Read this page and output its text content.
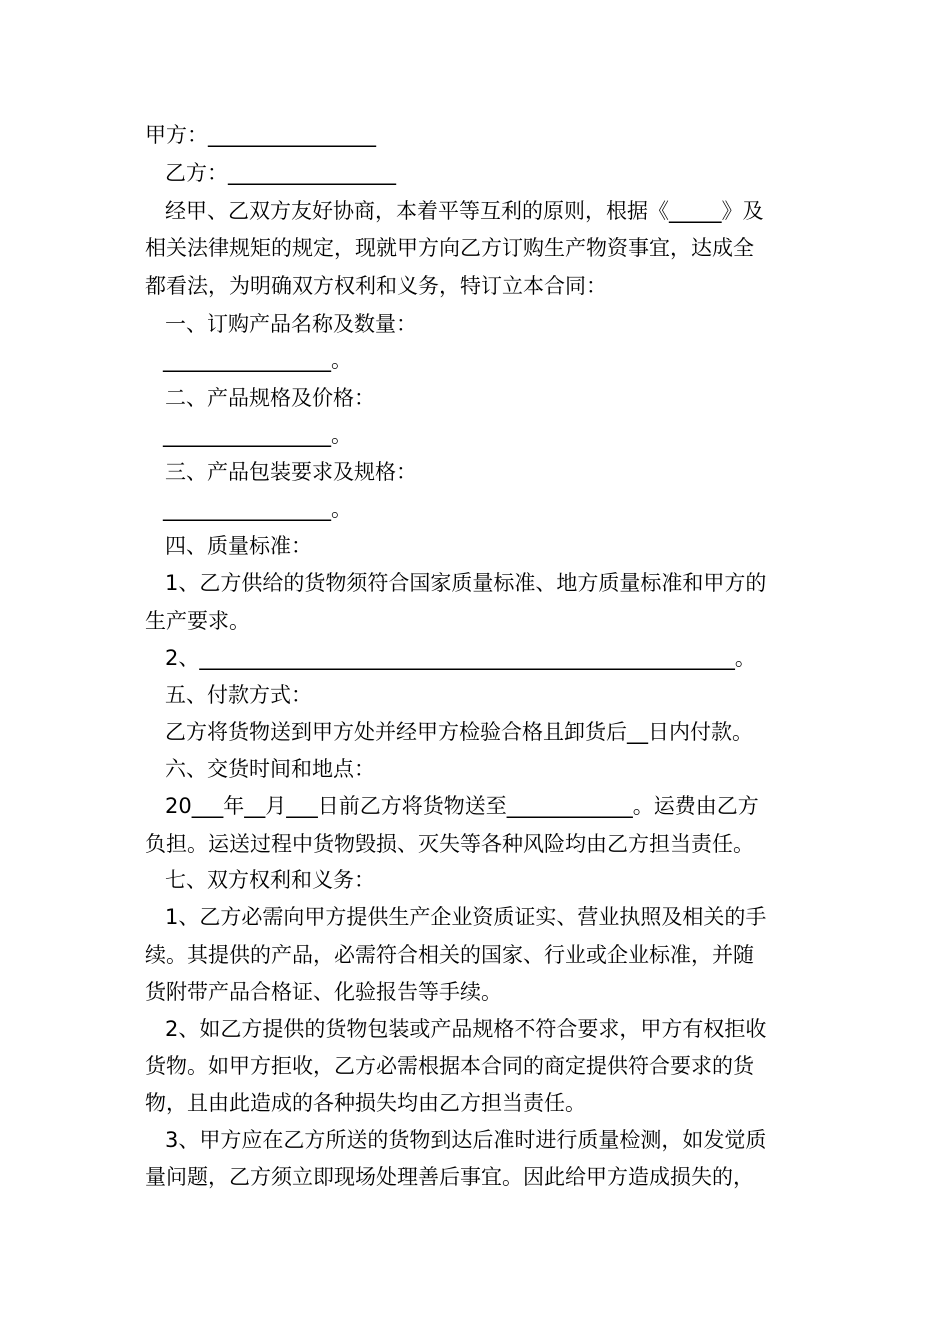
甲方：________________
乙方：________________
经甲、乙双方友好协商，本着平等互利的原则，根据《_____》及
相关法律规矩的规定，现就甲方向乙方订购生产物资事宜，达成全
都看法，为明确双方权利和义务，特订立本合同：
一、订购产品名称及数量：
________________。
二、产品规格及价格：
________________。
三、产品包装要求及规格：
________________。
四、质量标准：
1、乙方供给的货物须符合国家质量标准、地方质量标准和甲方的
生产要求。
2、___________________________________________________。
五、付款方式：
乙方将货物送到甲方处并经甲方检验合格且卸货后__日内付款。
六、交货时间和地点：
20___年__月___日前乙方将货物送至____________。运费由乙方
负担。运送过程中货物毁损、灭失等各种风险均由乙方担当责任。
七、双方权利和义务：
1、乙方必需向甲方提供生产企业资质证实、营业执照及相关的手
续。其提供的产品，必需符合相关的国家、行业或企业标准，并随
货附带产品合格证、化验报告等手续。
2、如乙方提供的货物包装或产品规格不符合要求，甲方有权拒收
货物。如甲方拒收，乙方必需根据本合同的商定提供符合要求的货
物，且由此造成的各种损失均由乙方担当责任。
3、甲方应在乙方所送的货物到达后准时进行质量检测，如发觉质
量问题，乙方须立即现场处理善后事宜。因此给甲方造成损失的，
